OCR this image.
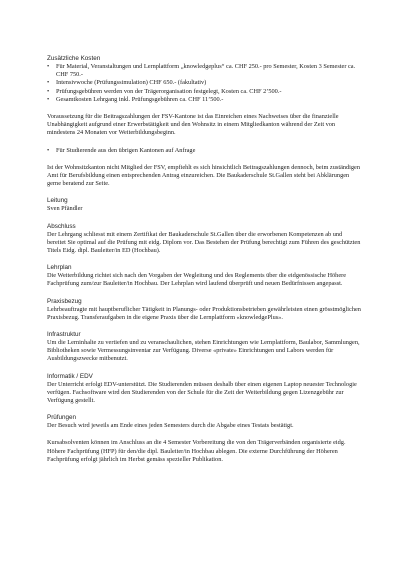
Zusätzliche Kosten

• Für Material, Veranstaltungen und Lernplattform „knowledgeplus“ ca. CHF 250.- pro Semester, Kosten 3 Semester ca. CHF 750.-
• Intensivwoche (Prüfungssimulation) CHF 650.- (fakultativ)
• Prüfungsgebühren werden von der Trägerorganisation festgelegt, Kosten ca. CHF 2’500.-
• Gesamtkosten Lehrgang inkl. Prüfungsgebühren ca. CHF 11’500.-

Voraussetzung für die Beitragszahlungen der FSV-Kantone ist das Einreichen eines Nachweises über die finanzielle Unabhängigkeit aufgrund einer Erwerbstätigkeit und den Wohnsitz in einem Mitgliedkanton während der Zeit von mindestens 24 Monaten vor Weiterbildungsbeginn.

• Für Studierende aus den übrigen Kantonen auf Anfrage

Ist der Wohnsitzkanton nicht Mitglied der FSV, empfiehlt es sich hinsichtlich Beitragszahlungen dennoch, beim zuständigen Amt für Berufsbildung einen entsprechenden Antrag einzureichen. Die Baukaderschule St.Gallen steht bei Abklärungen gerne beratend zur Seite.

Leitung

Sven Pfändler

Abschluss

Der Lehrgang schliesst mit einem Zertifikat der Baukaderschule St.Gallen über die erworbenen Kompetenzen ab und bereitet Sie optimal auf die Prüfung mit eidg. Diplom vor. Das Bestehen der Prüfung berechtigt zum Führen des geschützten Titels Eidg. dipl. Bauleiter/in ED (Hochbau).

Lehrplan

Die Weiterbildung richtet sich nach den Vorgaben der Wegleitung und des Reglements über die eidgenössische Höhere Fachprüfung zum/zur Bauleiter/in Hochbau. Der Lehrplan wird laufend überprüft und neuen Bedürfnissen angepasst.

Praxisbezug

Lehrbeauftragte mit hauptberuflicher Tätigkeit in Planungs- oder Produktionsbetrieben gewährleisten einen grösstmöglichen Praxisbezug. Transferaufgaben in die eigene Praxis über die Lernplattform «knowledgePlus».

Infrastruktur

Um die Lerninhalte zu vertiefen und zu veranschaulichen, stehen Einrichtungen wie Lernplattform, Baulabor, Sammlungen, Bibliotheken sowie Vermessungsinventar zur Verfügung. Diverse «private» Einrichtungen und Labors werden für Ausbildungszwecke mitbenutzt.

Informatik / EDV

Der Unterricht erfolgt EDV-unterstützt. Die Studierenden müssen deshalb über einen eigenen Laptop neuester Technologie verfügen. Fachsoftware wird den Studierenden von der Schule für die Zeit der Weiterbildung gegen Lizenzgebühr zur Verfügung gestellt.

Prüfungen

Der Besuch wird jeweils am Ende eines jeden Semesters durch die Abgabe eines Testats bestätigt.

Kursabsolventen können im Anschluss an die 4 Semester Vorbereitung die von den Trägerverbänden organisierte eidg. Höhere Fachprüfung (HFP) für den/die dipl. Bauleiter/in Hochbau ablegen. Die externe Durchführung der Höheren Fachprüfung erfolgt jährlich im Herbst gemäss spezieller Publikation.
